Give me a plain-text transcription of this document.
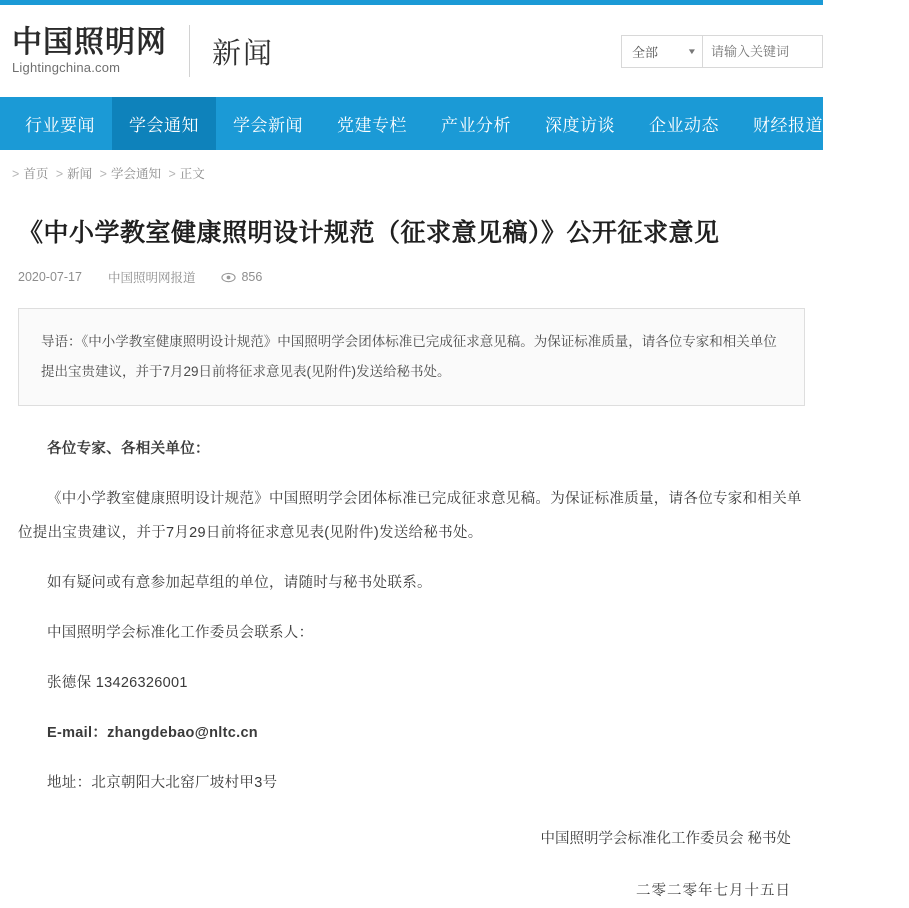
中国照明网
Lightingchina.com	新闻	全部	▼
请输入关键词
行业要闻	学会通知	学会新闻	党建专栏	产业分析	深度访谈	企业动态	财经报道	国际
> 首页 > 新闻 > 学会通知 > 正文
《中小学教室健康照明设计规范（征求意见稿）》公开征求意见
2020-07-17 中国照明网报道	856
导语：《中小学教室健康照明设计规范》中国照明学会团体标准已完成征求意见稿。为保证标准质量，请各位专家和相关单位提出宝贵建议，并于7月29日前将征求意见表(见附件)发送给秘书处。

各位专家、各相关单位：

《中小学教室健康照明设计规范》中国照明学会团体标准已完成征求意见稿。为保证标准质量，请各位专家和相关单位提出宝贵建议，并于7月29日前将征求意见表(见附件)发送给秘书处。

如有疑问或有意参加起草组的单位，请随时与秘书处联系。

中国照明学会标准化工作委员会联系人：

张德保 13426326001

E-mail：zhangdebao@nltc.cn

地址：北京朝阳大北窑厂坡村甲3号

中国照明学会标准化工作委员会 秘书处
二零二零年七月十五日
